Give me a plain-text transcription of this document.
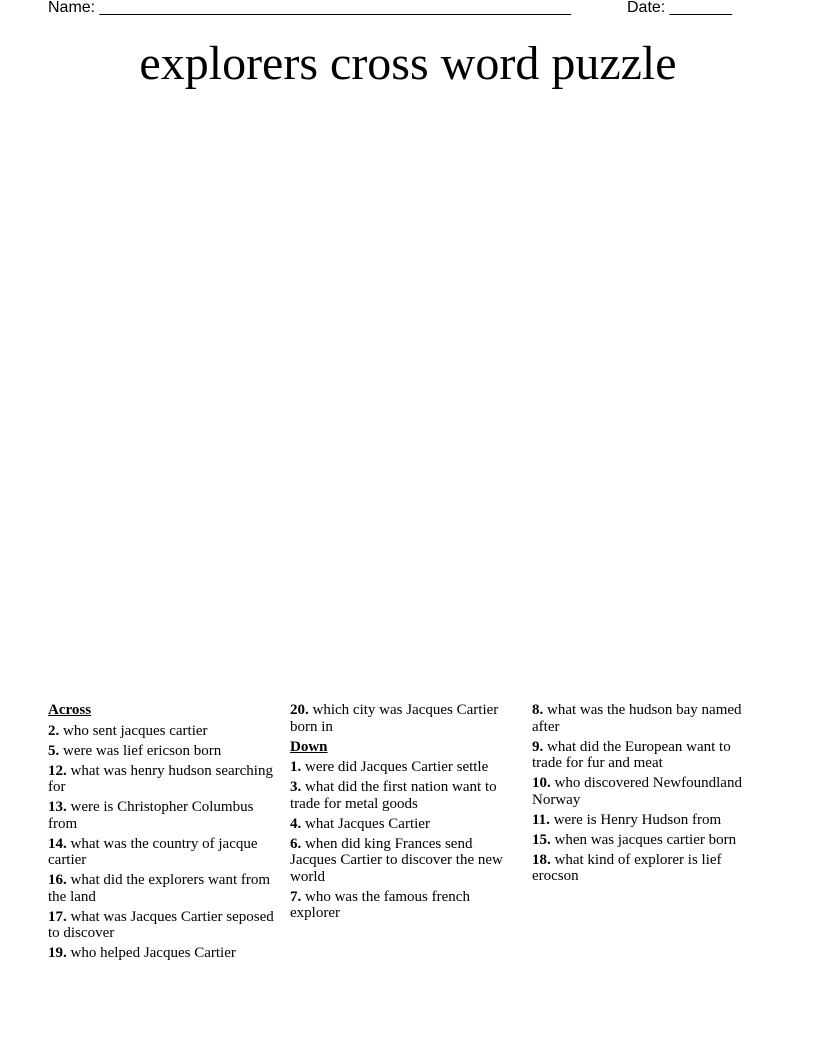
Name: _____________________________________________________	Date: _______
explorers cross word puzzle
Across
2. who sent jacques cartier
5. were was lief ericson born
12. what was henry hudson searching for
13. were is Christopher Columbus from
14. what was the country of jacque cartier
16. what did the explorers want from the land
17. what was Jacques Cartier seposed to discover
19. who helped Jacques Cartier
20. which city was Jacques Cartier born in
Down
1. were did Jacques Cartier settle
3. what did the first nation want to trade for metal goods
4. what Jacques Cartier
6. when did king Frances send Jacques Cartier to discover the new world
7. who was the famous french explorer
8. what was the hudson bay named after
9. what did the European want to trade for fur and meat
10. who discovered Newfoundland Norway
11. were is Henry Hudson from
15. when was jacques cartier born
18. what kind of explorer is lief erocson
